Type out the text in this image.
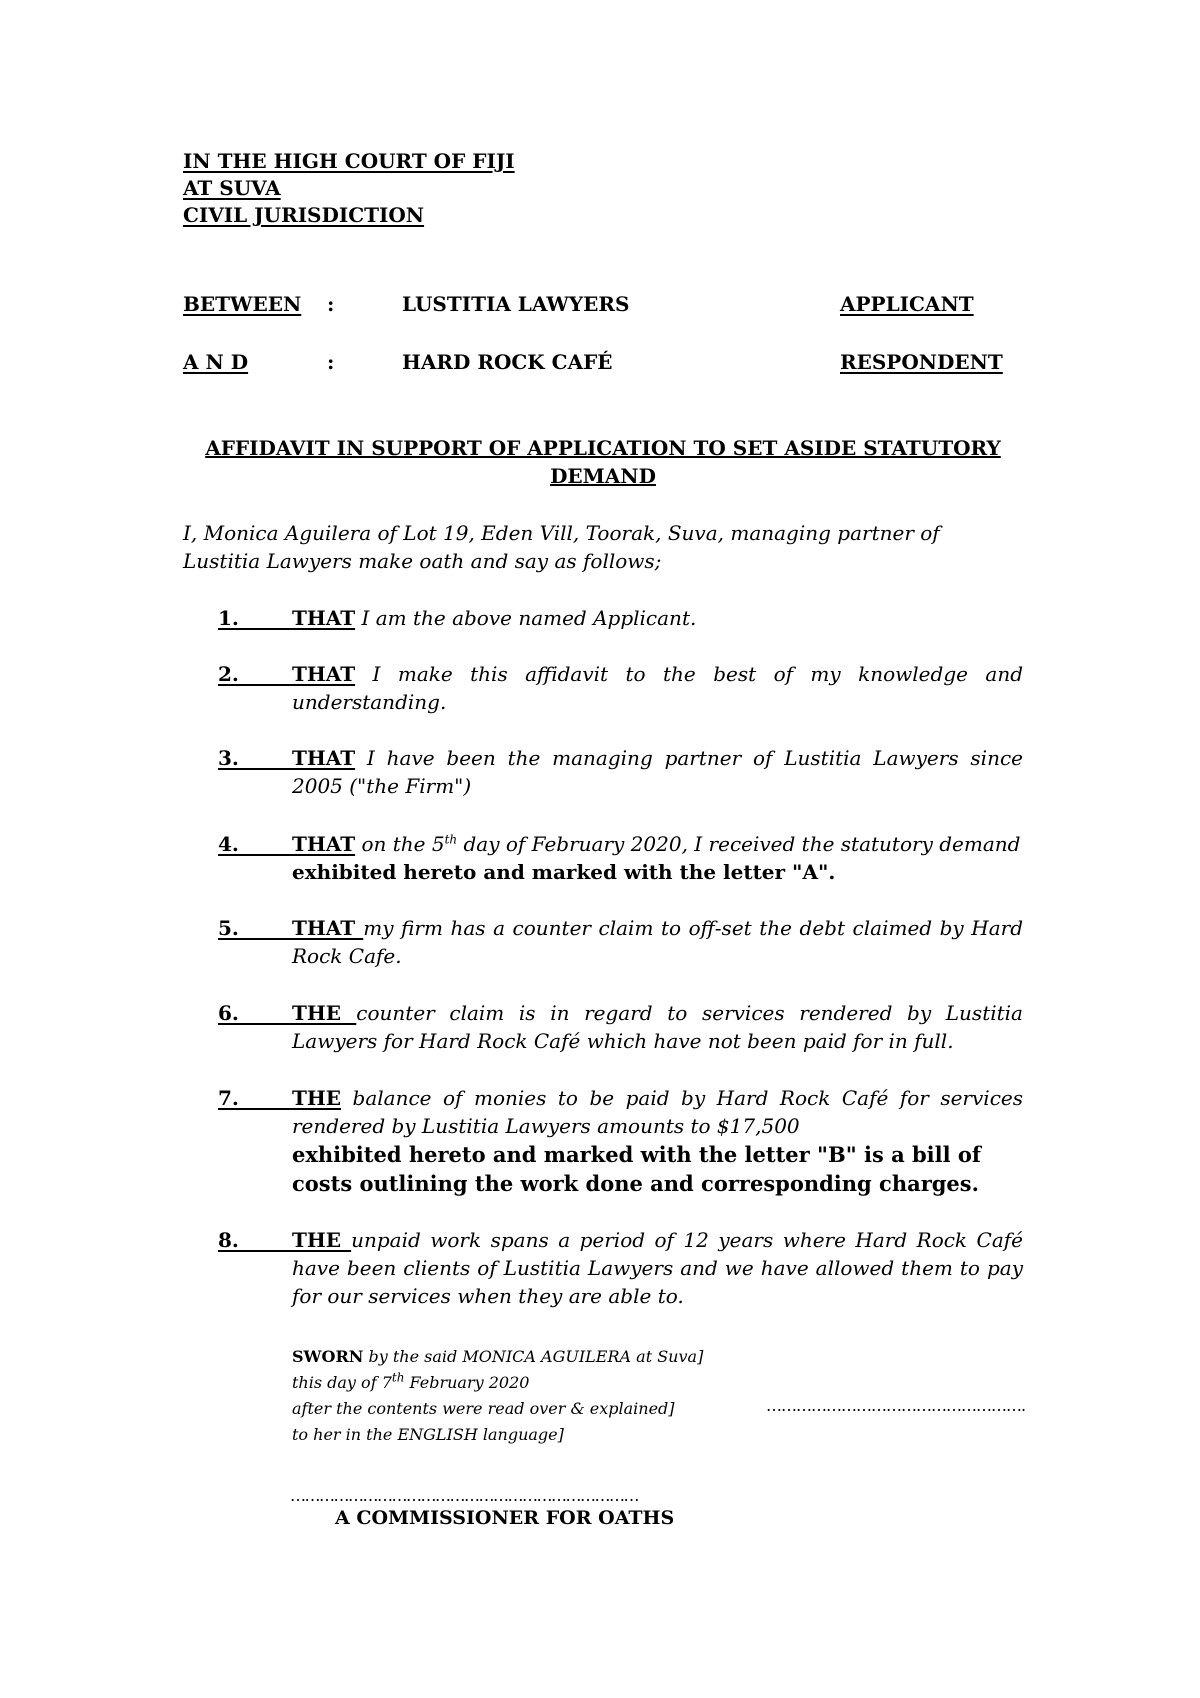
IN THE HIGH COURT OF FIJI
AT SUVA
CIVIL JURISDICTION
BETWEEN :	LUSTITIA LAWYERS	APPLICANT
A N D	:	HARD ROCK CAFÉ	RESPONDENT
AFFIDAVIT IN SUPPORT OF APPLICATION TO SET ASIDE STATUTORY DEMAND
I, Monica Aguilera of Lot 19, Eden Vill, Toorak, Suva, managing partner of Lustitia Lawyers make oath and say as follows;
1.
THAT I am the above named Applicant.
2.
THAT I make this affidavit to the best of my knowledge and understanding.
3.
THAT I have been the managing partner of Lustitia Lawyers since 2005 ("the Firm")
4.
THAT on the 5th day of February 2020, I received the statutory demand
exhibited hereto and marked with the letter "A".
5.
THAT my firm has a counter claim to off-set the debt claimed by Hard Rock Cafe.
6.
THE counter claim is in regard to services rendered by Lustitia Lawyers for Hard Rock Café which have not been paid for in full.
7.
THE balance of monies to be paid by Hard Rock Café for services rendered by Lustitia Lawyers amounts to $17,500
exhibited hereto and marked with the letter "B" is a bill of costs outlining the work done and corresponding charges.
8.
THE unpaid work spans a period of 12 years where Hard Rock Café have been clients of Lustitia Lawyers and we have allowed them to pay for our services when they are able to.
SWORN by the said MONICA AGUILERA at Suva]
this day of 7th February 2020
after the contents were read over & explained]
to her in the ENGLISH language]
…………………………………………….
………………………………………………………………
A COMMISSIONER FOR OATHS
